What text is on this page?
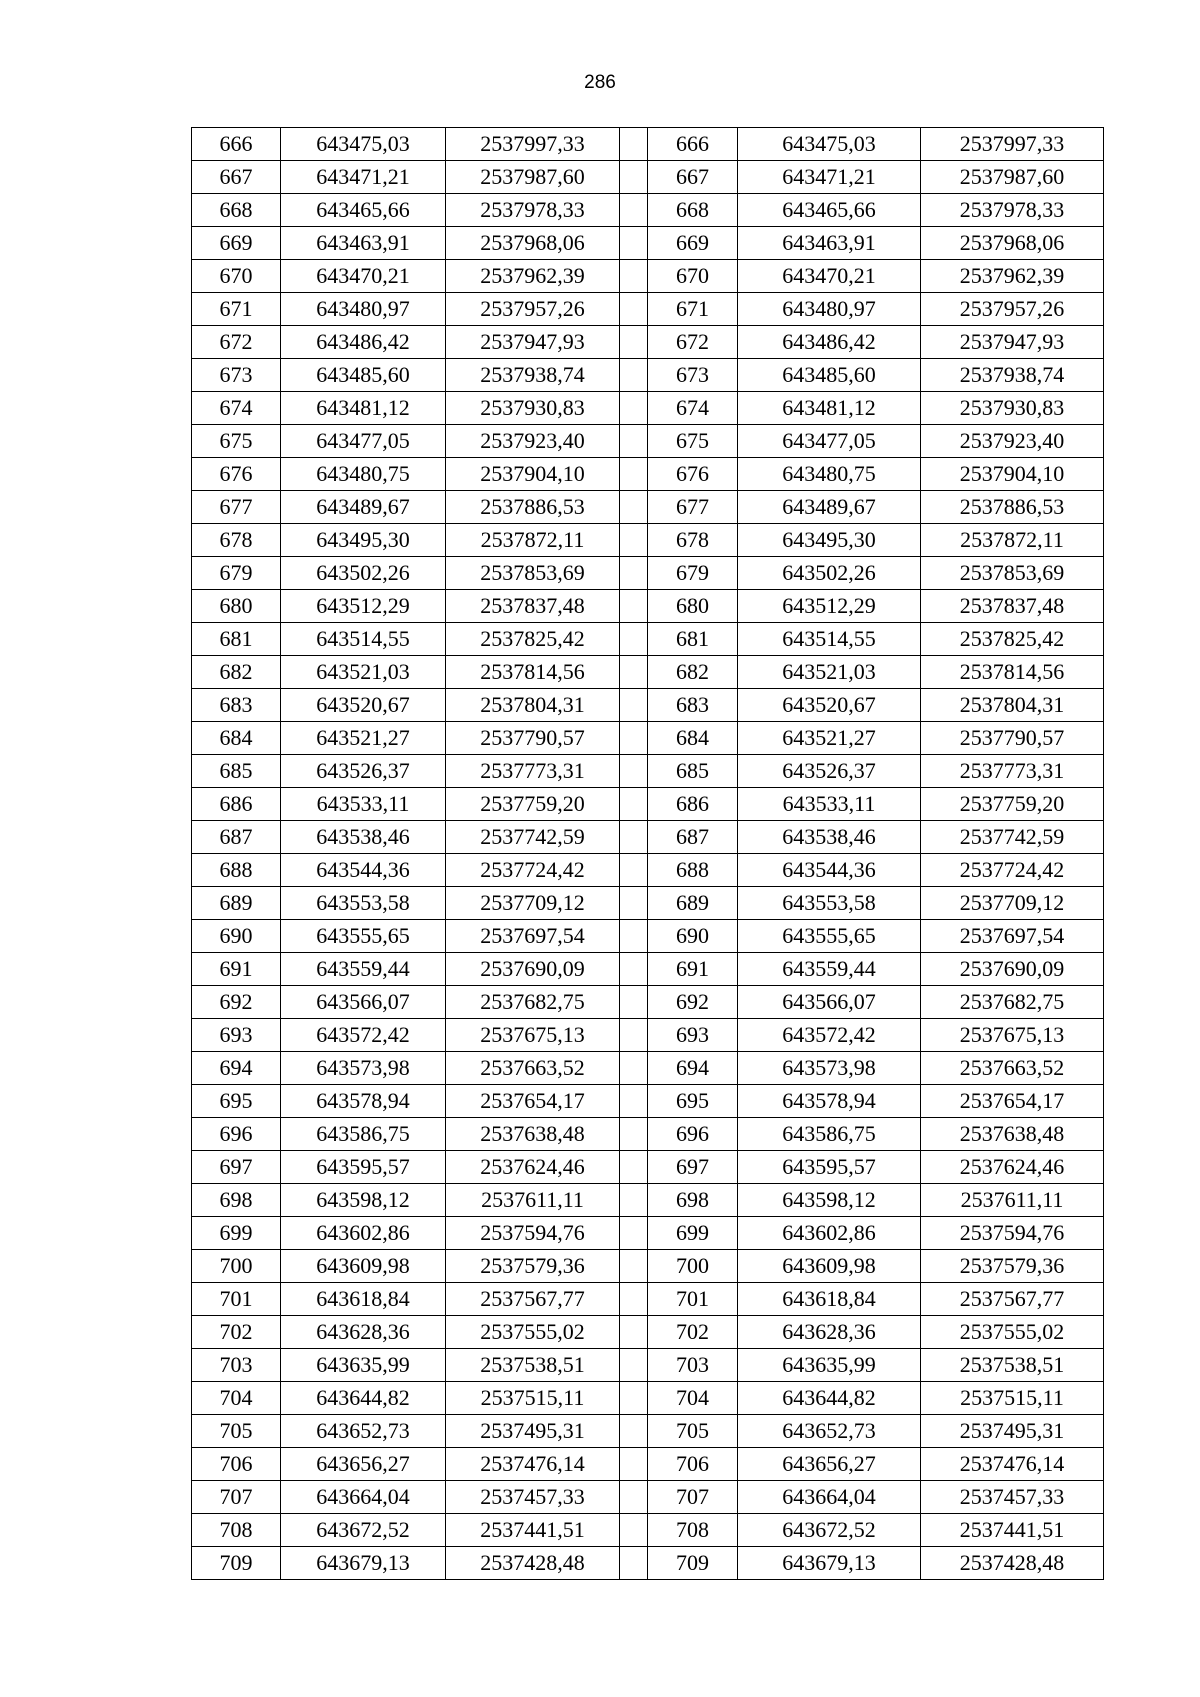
286
666	643475,03	2537997,33		666	643475,03	2537997,33
667	643471,21	2537987,60		667	643471,21	2537987,60
668	643465,66	2537978,33		668	643465,66	2537978,33
669	643463,91	2537968,06		669	643463,91	2537968,06
670	643470,21	2537962,39		670	643470,21	2537962,39
671	643480,97	2537957,26		671	643480,97	2537957,26
672	643486,42	2537947,93		672	643486,42	2537947,93
673	643485,60	2537938,74		673	643485,60	2537938,74
674	643481,12	2537930,83		674	643481,12	2537930,83
675	643477,05	2537923,40		675	643477,05	2537923,40
676	643480,75	2537904,10		676	643480,75	2537904,10
677	643489,67	2537886,53		677	643489,67	2537886,53
678	643495,30	2537872,11		678	643495,30	2537872,11
679	643502,26	2537853,69		679	643502,26	2537853,69
680	643512,29	2537837,48		680	643512,29	2537837,48
681	643514,55	2537825,42		681	643514,55	2537825,42
682	643521,03	2537814,56		682	643521,03	2537814,56
683	643520,67	2537804,31		683	643520,67	2537804,31
684	643521,27	2537790,57		684	643521,27	2537790,57
685	643526,37	2537773,31		685	643526,37	2537773,31
686	643533,11	2537759,20		686	643533,11	2537759,20
687	643538,46	2537742,59		687	643538,46	2537742,59
688	643544,36	2537724,42		688	643544,36	2537724,42
689	643553,58	2537709,12		689	643553,58	2537709,12
690	643555,65	2537697,54		690	643555,65	2537697,54
691	643559,44	2537690,09		691	643559,44	2537690,09
692	643566,07	2537682,75		692	643566,07	2537682,75
693	643572,42	2537675,13		693	643572,42	2537675,13
694	643573,98	2537663,52		694	643573,98	2537663,52
695	643578,94	2537654,17		695	643578,94	2537654,17
696	643586,75	2537638,48		696	643586,75	2537638,48
697	643595,57	2537624,46		697	643595,57	2537624,46
698	643598,12	2537611,11		698	643598,12	2537611,11
699	643602,86	2537594,76		699	643602,86	2537594,76
700	643609,98	2537579,36		700	643609,98	2537579,36
701	643618,84	2537567,77		701	643618,84	2537567,77
702	643628,36	2537555,02		702	643628,36	2537555,02
703	643635,99	2537538,51		703	643635,99	2537538,51
704	643644,82	2537515,11		704	643644,82	2537515,11
705	643652,73	2537495,31		705	643652,73	2537495,31
706	643656,27	2537476,14		706	643656,27	2537476,14
707	643664,04	2537457,33		707	643664,04	2537457,33
708	643672,52	2537441,51		708	643672,52	2537441,51
709	643679,13	2537428,48		709	643679,13	2537428,48
